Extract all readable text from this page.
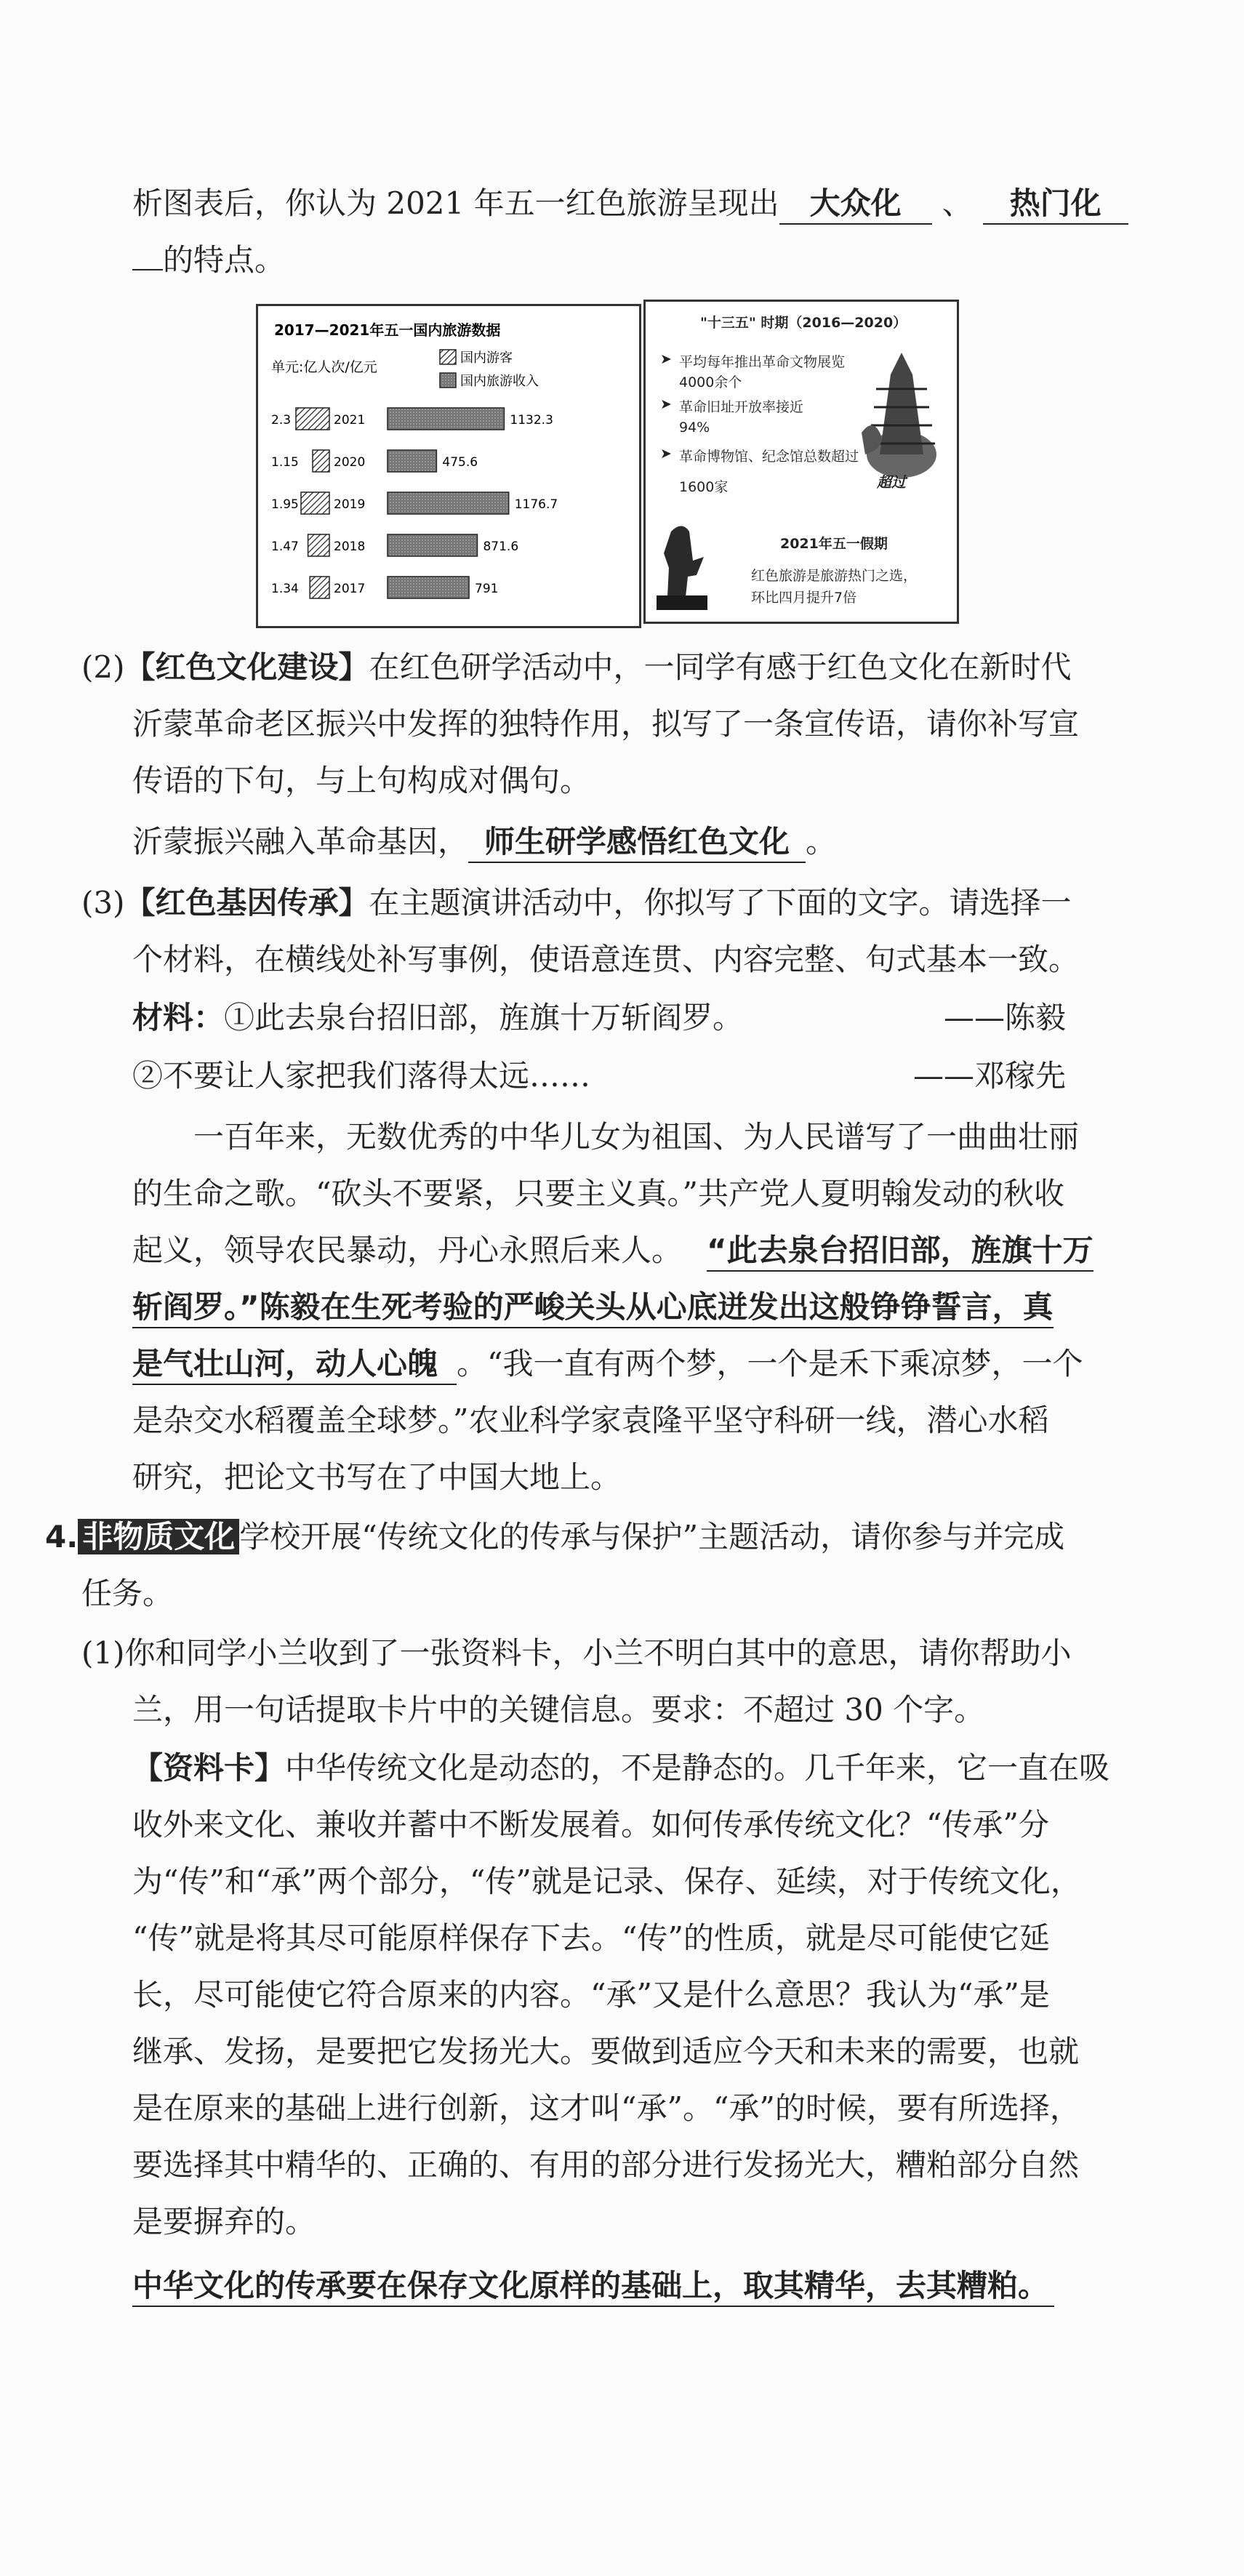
析图表后，你认为 2021 年五一红色旅游呈现出 大众化 、 热门化
的特点。
2017—2021年五一国内旅游数据
单元:亿人次/亿元
国内游客
国内旅游收入
2.3	2021	1132.3
1.15	2020	475.6
1.95	2019	1176.7
1.47	2018	871.6
1.34	2017	791
"十三五" 时期（2016—2020）
➤ 平均每年推出革命文物展览
4000余个
➤ 革命旧址开放率接近
94%
➤ 革命博物馆、纪念馆总数超过
1600家	超过
2021年五一假期
红色旅游是旅游热门之选，
环比四月提升7倍
(2)【红色文化建设】在红色研学活动中，一同学有感于红色文化在新时代
沂蒙革命老区振兴中发挥的独特作用，拟写了一条宣传语，请你补写宣
传语的下句，与上句构成对偶句。
沂蒙振兴融入革命基因， 师生研学感悟红色文化 。
(3)【红色基因传承】在主题演讲活动中，你拟写了下面的文字。请选择一
个材料，在横线处补写事例，使语意连贯、内容完整、句式基本一致。
材料：①此去泉台招旧部，旌旗十万斩阎罗。	——陈毅
②不要让人家把我们落得太远……	——邓稼先
一百年来，无数优秀的中华儿女为祖国、为人民谱写了一曲曲壮丽
的生命之歌。“砍头不要紧，只要主义真。”共产党人夏明翰发动的秋收
起义，领导农民暴动，丹心永照后来人。 “此去泉台招旧部，旌旗十万
斩阎罗。”陈毅在生死考验的严峻关头从心底迸发出这般铮铮誓言，真
是气壮山河，动人心魄 。“我一直有两个梦，一个是禾下乘凉梦，一个
是杂交水稻覆盖全球梦。”农业科学家袁隆平坚守科研一线，潜心水稻
研究，把论文书写在了中国大地上。
4. 非物质文化 学校开展“传统文化的传承与保护”主题活动，请你参与并完成
任务。
(1)你和同学小兰收到了一张资料卡，小兰不明白其中的意思，请你帮助小
兰，用一句话提取卡片中的关键信息。要求：不超过 30 个字。
【资料卡】中华传统文化是动态的，不是静态的。几千年来，它一直在吸
收外来文化、兼收并蓄中不断发展着。如何传承传统文化？“传承”分
为“传”和“承”两个部分，“传”就是记录、保存、延续，对于传统文化，
“传”就是将其尽可能原样保存下去。“传”的性质，就是尽可能使它延
长，尽可能使它符合原来的内容。“承”又是什么意思？我认为“承”是
继承、发扬，是要把它发扬光大。要做到适应今天和未来的需要，也就
是在原来的基础上进行创新，这才叫“承”。“承”的时候，要有所选择，
要选择其中精华的、正确的、有用的部分进行发扬光大，糟粕部分自然
是要摒弃的。
中华文化的传承要在保存文化原样的基础上，取其精华，去其糟粕。
